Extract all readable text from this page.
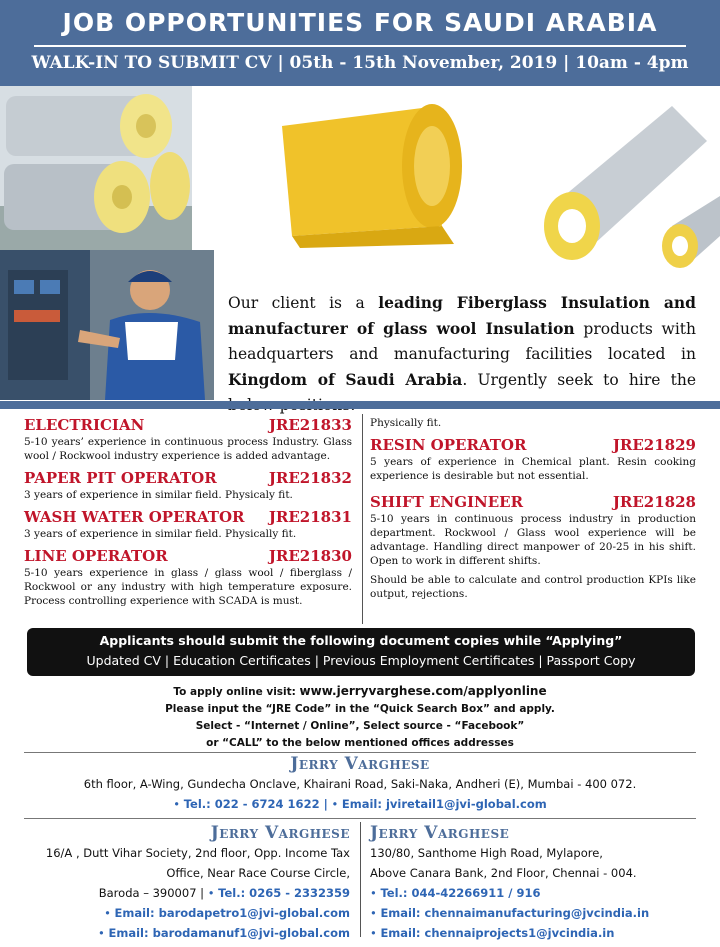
JOB OPPORTUNITIES FOR SAUDI ARABIA
WALK-IN TO SUBMIT CV | 05th - 15th November, 2019 | 10am - 4pm
Our client is a leading Fiberglass Insulation and manufacturer of glass wool Insulation products with headquarters and manufacturing facilities located in Kingdom of Saudi Arabia. Urgently seek to hire the
ELECTRICIAN	JRE21833

5-10 years’ experience in continuous process Industry. Glass wool / Rockwool industry experience is added advantage.

PAPER PIT OPERATOR	JRE21832

3 years of experience in similar field. Physicaly fit.

WASH WATER OPERATOR JRE21831

3 years of experience in similar field. Physically fit.

LINE OPERATOR	JRE21830

5-10 years experience in glass / glass wool / fiberglass / Rockwool or any industry with high temperature exposure. Process controlling experience with SCADA is must.

Physically fit.

RESIN OPERATOR	JRE21829

5 years of experience in Chemical plant. Resin cooking experience is desirable but not essential.

SHIFT ENGINEER	JRE21828

5-10 years in continuous process industry in production department. Rockwool / Glass wool experience will be advantage. Handling direct manpower of 20-25 in his shift. Open to work in different shifts.

Should be able to calculate and control production KPIs like output, rejections.

Applicants should submit the following document copies while “Applying”
Updated CV | Education Certificates | Previous Employment Certificates | Passport Copy
To apply online visit: www.jerryvarghese.com/applyonline
Please input the “JRE Code” in the “Quick Search Box” and apply.
Select - “Internet / Online”, Select source - “Facebook”
or “CALL” to the below mentioned offices addresses
Jerry Varghese
6th floor, A-Wing, Gundecha Onclave, Khairani Road, Saki-Naka, Andheri (E), Mumbai - 400 072.
• Tel.: 022 - 6724 1622 | • Email: jviretail1@jvi-global.com
Jerry Varghese
16/A , Dutt Vihar Society, 2nd floor, Opp. Income Tax
Office, Near Race Course Circle,
Baroda – 390007 | • Tel.: 0265 - 2332359
• Email: barodapetro1@jvi-global.com
• Email: barodamanuf1@jvi-global.com
Jerry Varghese
130/80, Santhome High Road, Mylapore,
Above Canara Bank, 2nd Floor, Chennai - 004.
• Tel.: 044-42266911 / 916
• Email: chennaimanufacturing@jvcindia.in
• Email: chennaiprojects1@jvcindia.in
